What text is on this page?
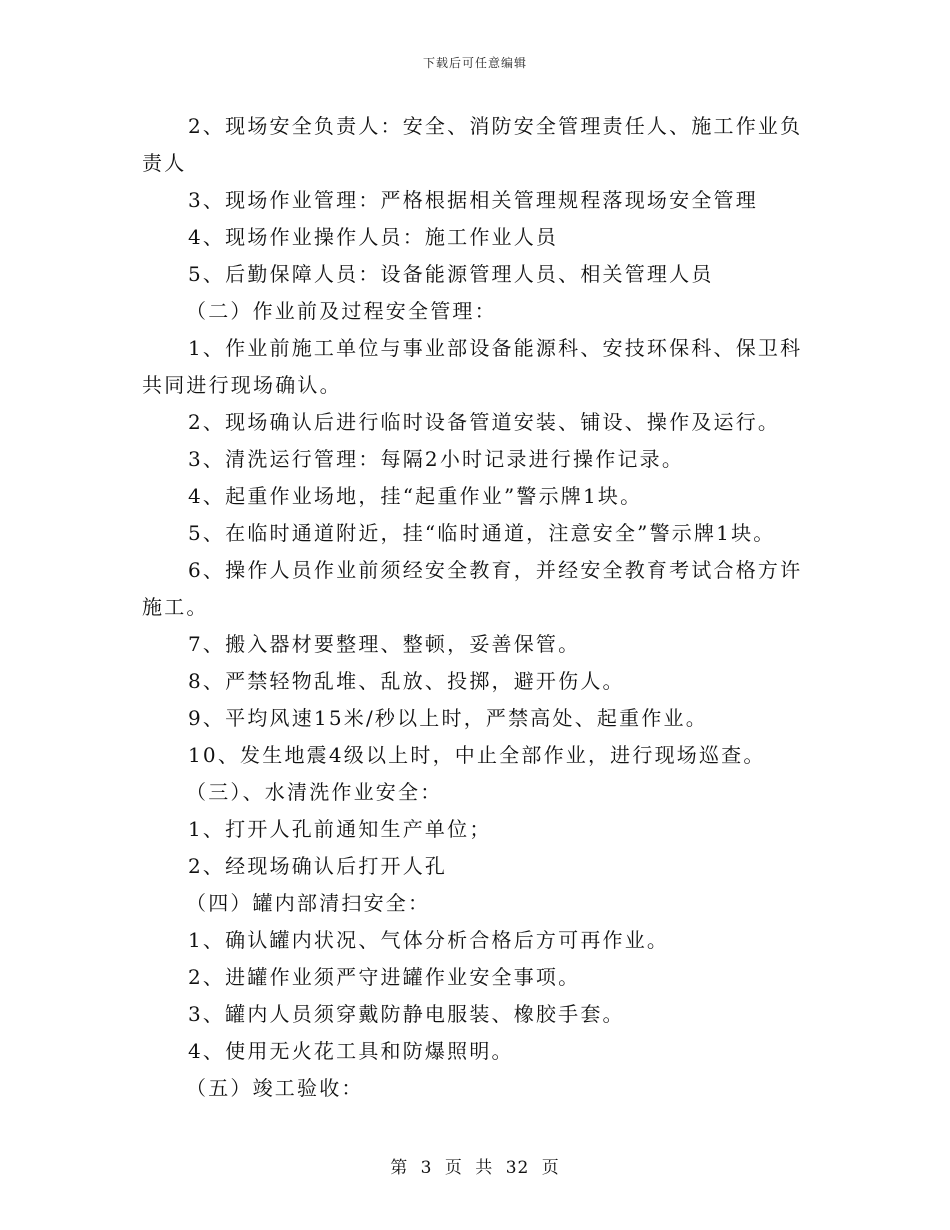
下载后可任意编辑

2、现场安全负责人：安全、消防安全管理责任人、施工作业负责人

3、现场作业管理：严格根据相关管理规程落现场安全管理

4、现场作业操作人员：施工作业人员

5、后勤保障人员：设备能源管理人员、相关管理人员

（二）作业前及过程安全管理：

1、作业前施工单位与事业部设备能源科、安技环保科、保卫科共同进行现场确认。

2、现场确认后进行临时设备管道安装、铺设、操作及运行。

3、清洗运行管理：每隔2小时记录进行操作记录。

4、起重作业场地，挂“起重作业”警示牌1块。

5、在临时通道附近，挂“临时通道，注意安全”警示牌1块。

6、操作人员作业前须经安全教育，并经安全教育考试合格方许施工。

7、搬入器材要整理、整顿，妥善保管。

8、严禁轻物乱堆、乱放、投掷，避开伤人。

9、平均风速15米/秒以上时，严禁高处、起重作业。

10、发生地震4级以上时，中止全部作业，进行现场巡查。

（三）、水清洗作业安全：

1、打开人孔前通知生产单位；

2、经现场确认后打开人孔

（四）罐内部清扫安全：

1、确认罐内状况、气体分析合格后方可再作业。

2、进罐作业须严守进罐作业安全事项。

3、罐内人员须穿戴防静电服装、橡胶手套。

4、使用无火花工具和防爆照明。

（五）竣工验收：

第 3 页 共 32 页
